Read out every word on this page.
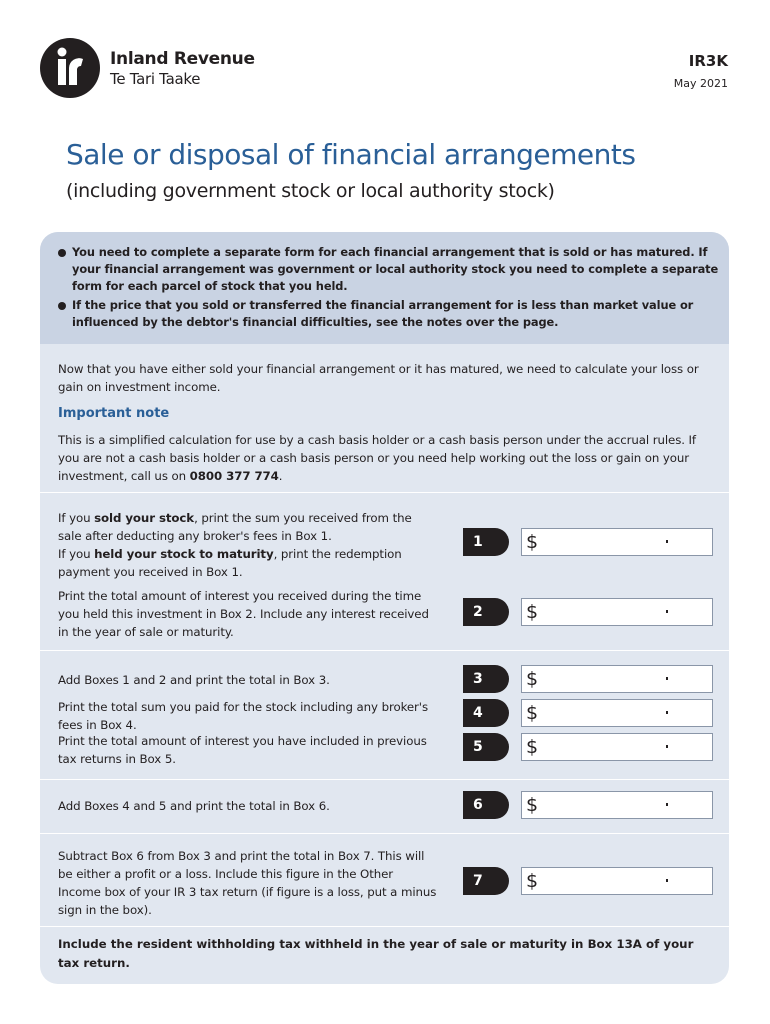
Inland Revenue
Te Tari Taake
IR3K
May 2021
Sale or disposal of financial arrangements
(including government stock or local authority stock)
You need to complete a separate form for each financial arrangement that is sold or has matured. If your financial arrangement was government or local authority stock you need to complete a separate form for each parcel of stock that you held.
If the price that you sold or transferred the financial arrangement for is less than market value or influenced by the debtor's financial difficulties, see the notes over the page.
Now that you have either sold your financial arrangement or it has matured, we need to calculate your loss or gain on investment income.
Important note
This is a simplified calculation for use by a cash basis holder or a cash basis person under the accrual rules. If you are not a cash basis holder or a cash basis person or you need help working out the loss or gain on your investment, call us on 0800 377 774.
If you sold your stock, print the sum you received from the sale after deducting any broker's fees in Box 1.
If you held your stock to maturity, print the redemption payment you received in Box 1.
1	$
Print the total amount of interest you received during the time you held this investment in Box 2. Include any interest received in the year of sale or maturity.
2	$
Add Boxes 1 and 2 and print the total in Box 3.	3	$
Print the total sum you paid for the stock including any broker's fees in Box 4.
4	$
Print the total amount of interest you have included in previous tax returns in Box 5.
5	$
Add Boxes 4 and 5 and print the total in Box 6.	6	$
Subtract Box 6 from Box 3 and print the total in Box 7. This will be either a profit or a loss. Include this figure in the Other Income box of your IR 3 tax return (if figure is a loss, put a minus sign in the box).
7	$
Include the resident withholding tax withheld in the year of sale or maturity in Box 13A of your tax return.
